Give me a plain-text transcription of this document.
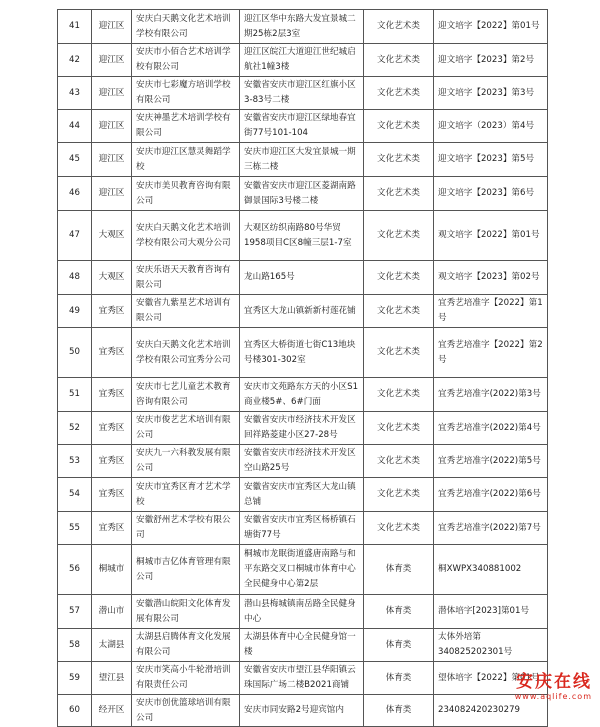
41	迎江区	安庆白天鹅文化艺术培训学校有限公司	迎江区华中东路大发宜景城二期25栋2层3室	文化艺术类	迎文培字【2022】第01号
42	迎江区	安庆市小佰合艺术培训学校有限公司	迎江区皖江大道迎江世纪城启航社1幢3楼	文化艺术类	迎文培字【2023】第2号
43	迎江区	安庆市七彩魔方培训学校有限公司	安徽省安庆市迎江区红旗小区3-83号二楼	文化艺术类	迎文培字【2023】第3号
44	迎江区	安庆神墨艺术培训学校有限公司	安徽省安庆市迎江区绿地春宜街77号101-104	文化艺术类	迎文培字（2023）第4号
45	迎江区	安庆市迎江区慧灵舞蹈学校	安庆市迎江区大发宜景城一期三栋二楼	文化艺术类	迎文培字【2023】第5号
46	迎江区	安庆市美贝教育咨询有限公司	安徽省安庆市迎江区菱湖南路御景国际3号楼二楼	文化艺术类	迎文培字【2023】第6号
47	大观区	安庆白天鹅文化艺术培训学校有限公司大观分公司	大观区纺织南路80号华贸1958项目C区8幢三层1-7室	文化艺术类	观文培字【2022】第01号
48	大观区	安庆乐语天天教育咨询有限公司	龙山路165号	文化艺术类	观文培字【2023】第02号
49	宜秀区	安徽省九紫星艺术培训有限公司	宜秀区大龙山镇新新村莲花铺	文化艺术类	宜秀艺培准字【2022】第1号
50	宜秀区	安庆白天鹅文化艺术培训学校有限公司宜秀分公司	宜秀区大桥街道七街C13地块号楼301-302室	文化艺术类	宜秀艺培准字【2022】第2号
51	宜秀区	安庆市七艺儿童艺术教育咨询有限公司	安庆市文苑路东方天的小区S1商业楼5#、6#门面	文化艺术类	宜秀艺培准字(2022)第3号
52	宜秀区	安庆市俊艺艺术培训有限公司	安徽省安庆市经济技术开发区回祥路菱建小区27-28号	文化艺术类	宜秀艺培准字(2022)第4号
53	宜秀区	安庆九一六科教发展有限公司	安徽省安庆市经济技术开发区空山路25号	文化艺术类	宜秀艺培准字(2022)第5号
54	宜秀区	安庆市宜秀区育才艺术学校	安徽省安庆市宜秀区大龙山镇总铺	文化艺术类	宜秀艺培准字(2022)第6号
55	宜秀区	安徽舒州艺术学校有限公司	安徽省安庆市宜秀区杨桥镇石塘街77号	文化艺术类	宜秀艺培准字(2022)第7号
56	桐城市	桐城市吉亿体育管理有限公司	桐城市龙眠街道盛唐南路与和平东路交叉口桐城市体育中心全民健身中心第2层	体育类	桐XWPX340881002
57	潜山市	安徽潜山皖阳文化体育发展有限公司	潜山县梅城镇南岳路全民健身中心	体育类	潜体培字[2023]第01号
58	太湖县	太湖县启腾体育文化发展有限公司	太湖县体育中心全民健身馆一楼	体育类	太体外培第340825202301号
59	望江县	安庆市笑高小牛轮滑培训有限责任公司	安徽省安庆市望江县华阳镇云珠国际广场二楼B2021商铺	体育类	望体培字【2022】第01号
60	经开区	安庆市创优篮球培训有限公司	安庆市同安路2号迎宾馆内	体育类	234082420230279
安庆在线
www.aqlife.com
